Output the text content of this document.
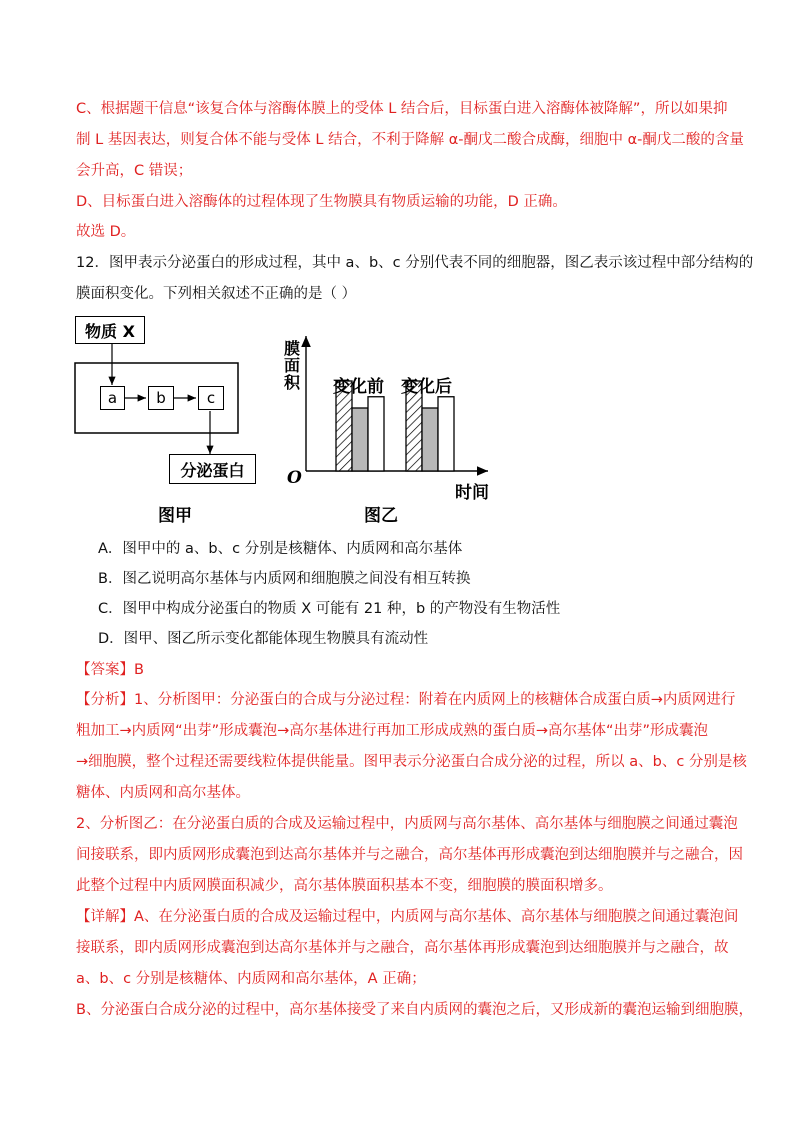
C、根据题干信息“该复合体与溶酶体膜上的受体 L 结合后，目标蛋白进入溶酶体被降解”，所以如果抑
制 L 基因表达，则复合体不能与受体 L 结合，不利于降解 α-酮戊二酸合成酶，细胞中 α-酮戊二酸的含量
会升高，C 错误；
D、目标蛋白进入溶酶体的过程体现了生物膜具有物质运输的功能，D 正确。
故选 D。
12．图甲表示分泌蛋白的形成过程，其中 a、b、c 分别代表不同的细胞器，图乙表示该过程中部分结构的
膜面积变化。下列相关叙述不正确的是（ ）
物质 X
a	b	c
分泌蛋白
图甲
膜面积
O
时间
变化前 变化后
图乙
A．图甲中的 a、b、c 分别是核糖体、内质网和高尔基体
B．图乙说明高尔基体与内质网和细胞膜之间没有相互转换
C．图甲中构成分泌蛋白的物质 X 可能有 21 种，b 的产物没有生物活性
D．图甲、图乙所示变化都能体现生物膜具有流动性
【答案】B
【分析】1、分析图甲：分泌蛋白的合成与分泌过程：附着在内质网上的核糖体合成蛋白质→内质网进行
粗加工→内质网“出芽”形成囊泡→高尔基体进行再加工形成成熟的蛋白质→高尔基体“出芽”形成囊泡
→细胞膜，整个过程还需要线粒体提供能量。图甲表示分泌蛋白合成分泌的过程，所以 a、b、c 分别是核
糖体、内质网和高尔基体。
2、分析图乙：在分泌蛋白质的合成及运输过程中，内质网与高尔基体、高尔基体与细胞膜之间通过囊泡
间接联系，即内质网形成囊泡到达高尔基体并与之融合，高尔基体再形成囊泡到达细胞膜并与之融合，因
此整个过程中内质网膜面积减少，高尔基体膜面积基本不变，细胞膜的膜面积增多。
【详解】A、在分泌蛋白质的合成及运输过程中，内质网与高尔基体、高尔基体与细胞膜之间通过囊泡间
接联系，即内质网形成囊泡到达高尔基体并与之融合，高尔基体再形成囊泡到达细胞膜并与之融合，故
a、b、c 分别是核糖体、内质网和高尔基体，A 正确；
B、分泌蛋白合成分泌的过程中，高尔基体接受了来自内质网的囊泡之后，又形成新的囊泡运输到细胞膜，
